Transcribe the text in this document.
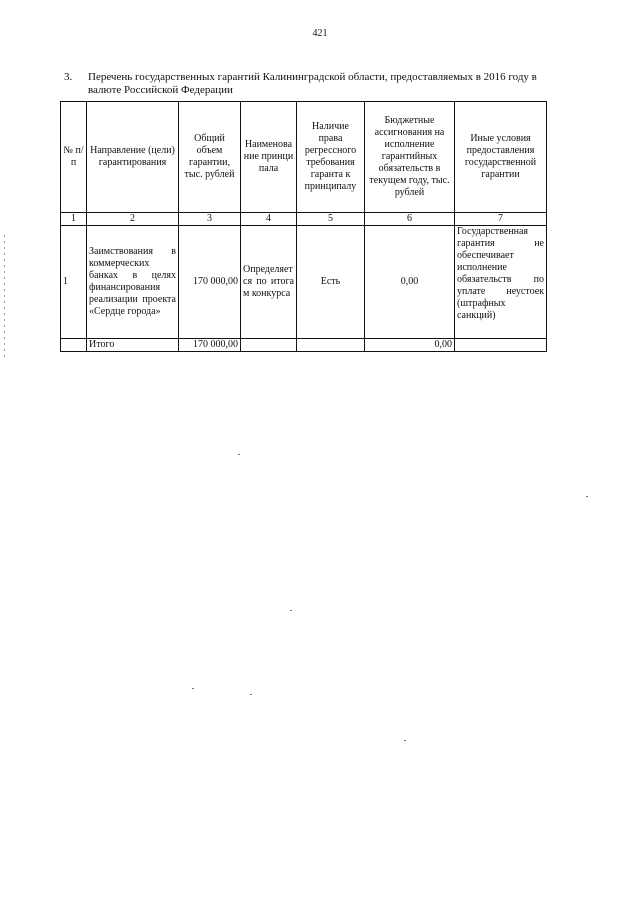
421
3. Перечень государственных гарантий Калининградской области, предоставляемых в 2016 году в валюте Российской Федерации
№ п/п	Направление (цели) гарантирования	Общий объем гарантии, тыс. рублей	Наименование принципала	Наличие права регрессного требования гаранта к принципалу	Бюджетные ассигнования на исполнение гарантийных обязательств в текущем году, тыс. рублей	Иные условия предоставления государственной гарантии
1	2	3	4	5	6	7
1	Заимствования в коммерческих банках в целях финансирования реализации проекта «Сердце города»	170 000,00	Определяется по итогам конкурса	Есть	0,00	Государственная гарантия не обеспечивает исполнение обязательств по уплате неустоек (штрафных санкций)
	Итого	170 000,00			0,00	
